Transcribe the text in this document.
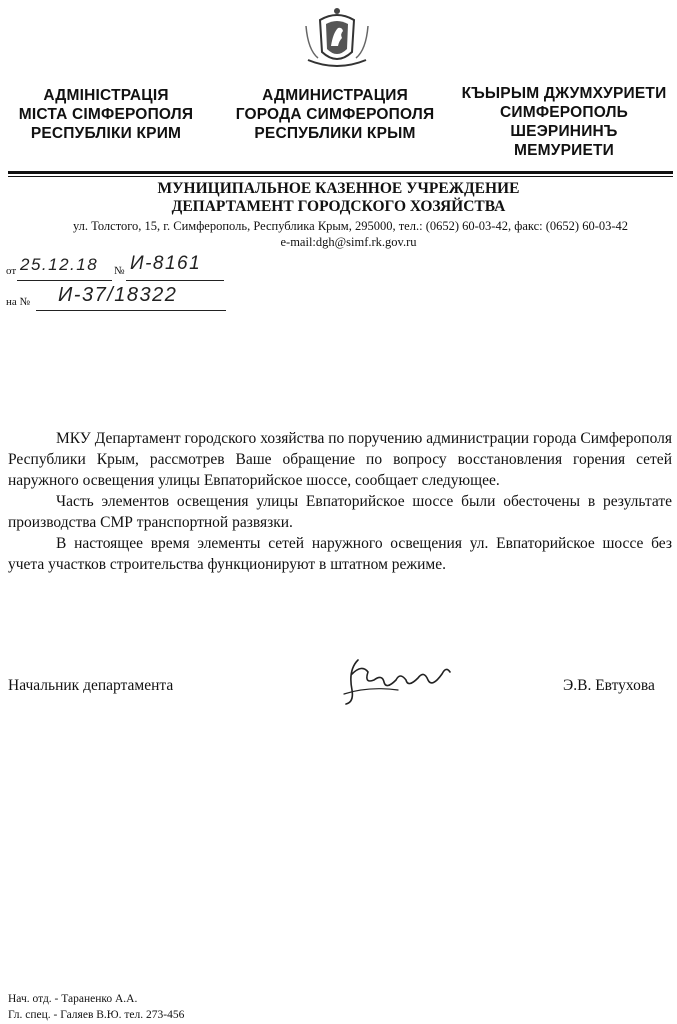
АДМІНІСТРАЦІЯ
МІСТА СІМФЕРОПОЛЯ
РЕСПУБЛІКИ КРИМ
АДМИНИСТРАЦИЯ
ГОРОДА СИМФЕРОПОЛЯ
РЕСПУБЛИКИ КРЫМ
КЪЫРЫМ ДЖУМХУРИЕТИ
СИМФЕРОПОЛЬ
ШЕЭРИНИНЪ
МЕМУРИЕТИ
МУНИЦИПАЛЬНОЕ КАЗЕННОЕ УЧРЕЖДЕНИЕ
ДЕПАРТАМЕНТ ГОРОДСКОГО ХОЗЯЙСТВА
ул. Толстого, 15, г. Симферополь, Республика Крым, 295000, тел.: (0652) 60-03-42, факс: (0652) 60-03-42
e-mail:dgh@simf.rk.gov.ru
от 25.12.18 № И-8161
на № И-37/18322

МКУ Департамент городского хозяйства по поручению администрации города Симферополя Республики Крым, рассмотрев Ваше обращение по вопросу восстановления горения сетей наружного освещения улицы Евпаторийское шоссе, сообщает следующее.

Часть элементов освещения улицы Евпаторийское шоссе были обесточены в результате производства СМР транспортной развязки.

В настоящее время элементы сетей наружного освещения ул. Евпаторийское шоссе без учета участков строительства функционируют в штатном режиме.

Начальник департамента	Э.В. Евтухова
Нач. отд. - Тараненко А.А.
Гл. спец. - Галяев В.Ю. тел. 273-456
